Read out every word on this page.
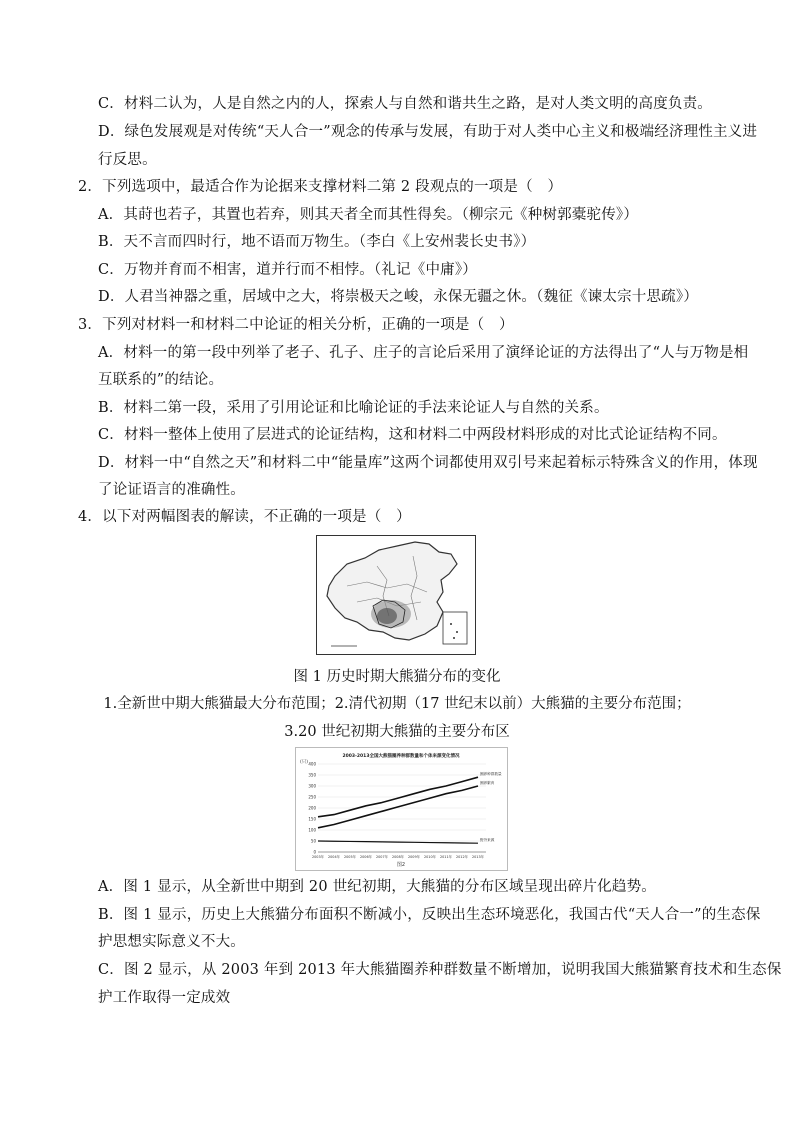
C．材料二认为，人是自然之内的人，探索人与自然和谐共生之路，是对人类文明的高度负责。
D．绿色发展观是对传统“天人合一”观念的传承与发展，有助于对人类中心主义和极端经济理性主义进
行反思。
2．下列选项中，最适合作为论据来支撑材料二第 2 段观点的一项是（　）
A．其莳也若子，其置也若弃，则其天者全而其性得矣。（柳宗元《种树郭橐驼传》）
B．天不言而四时行，地不语而万物生。（李白《上安州裴长史书》）
C．万物并育而不相害，道并行而不相悖。（礼记《中庸》）
D．人君当神器之重，居域中之大，将崇极天之峻，永保无疆之休。（魏征《谏太宗十思疏》）
3．下列对材料一和材料二中论证的相关分析，正确的一项是（　）
A．材料一的第一段中列举了老子、孔子、庄子的言论后采用了演绎论证的方法得出了“人与万物是相
互联系的”的结论。
B．材料二第一段，采用了引用论证和比喻论证的手法来论证人与自然的关系。
C．材料一整体上使用了层进式的论证结构，这和材料二中两段材料形成的对比式论证结构不同。
D．材料一中“自然之天”和材料二中“能量库”这两个词都使用双引号来起着标示特殊含义的作用，体现
了论证语言的准确性。
4．以下对两幅图表的解读，不正确的一项是（　）
图 1 历史时期大熊猫分布的变化
1.全新世中期大熊猫最大分布范围；2.清代初期（17 世纪末以前）大熊猫的主要分布范围；
3.20 世纪初期大熊猫的主要分布区
2003-2013全国大熊猫圈养种群数量和个体来源变化情况
(只)
图2
0
50
100
150
200
250
300
350
400
2003年 2004年 2005年 2006年 2007年 2008年 2009年 2010年 2011年 2012年 2013年
圈养种群数量
圈养繁育
野外来源
A．图 1 显示，从全新世中期到 20 世纪初期，大熊猫的分布区域呈现出碎片化趋势。
B．图 1 显示，历史上大熊猫分布面积不断减小，反映出生态环境恶化，我国古代“天人合一”的生态保
护思想实际意义不大。
C．图 2 显示，从 2003 年到 2013 年大熊猫圈养种群数量不断增加，说明我国大熊猫繁育技术和生态保
护工作取得一定成效
